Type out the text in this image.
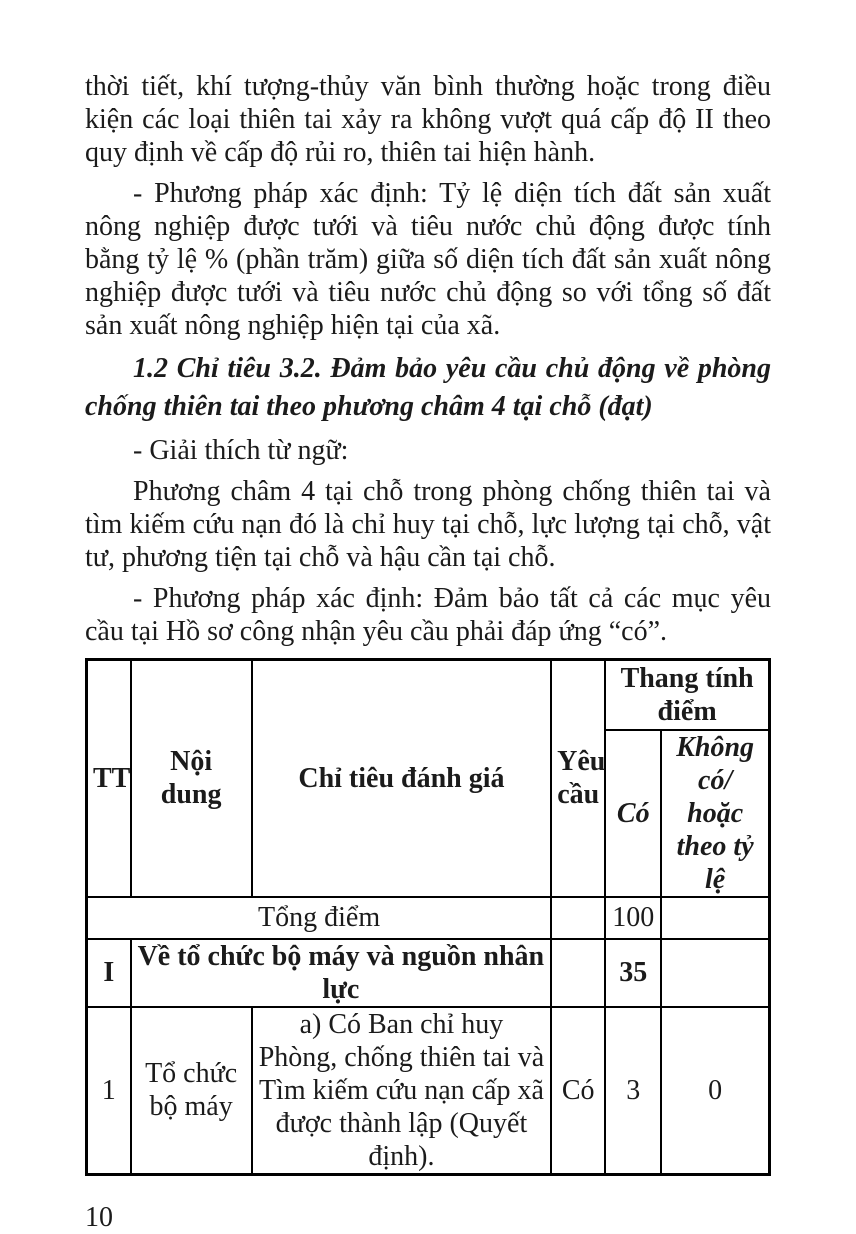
thời tiết, khí tượng-thủy văn bình thường hoặc trong điều kiện các loại thiên tai xảy ra không vượt quá cấp độ II theo quy định về cấp độ rủi ro, thiên tai hiện hành.

- Phương pháp xác định: Tỷ lệ diện tích đất sản xuất nông nghiệp được tưới và tiêu nước chủ động được tính bằng tỷ lệ % (phần trăm) giữa số diện tích đất sản xuất nông nghiệp được tưới và tiêu nước chủ động so với tổng số đất sản xuất nông nghiệp hiện tại của xã.

1.2 Chỉ tiêu 3.2. Đảm bảo yêu cầu chủ động về phòng chống thiên tai theo phương châm 4 tại chỗ (đạt)

- Giải thích từ ngữ:

Phương châm 4 tại chỗ trong phòng chống thiên tai và tìm kiếm cứu nạn đó là chỉ huy tại chỗ, lực lượng tại chỗ, vật tư, phương tiện tại chỗ và hậu cần tại chỗ.

- Phương pháp xác định: Đảm bảo tất cả các mục yêu cầu tại Hồ sơ công nhận yêu cầu phải đáp ứng “có”.

TT	Nội dung	Chỉ tiêu đánh giá	Yêu cầu	Thang tính điểm	
				Có	Không có/ hoặc theo tỷ lệ
Tổng điểm				100	
I	Về tổ chức bộ máy và nguồn nhân lực			35	
1	Tổ chức bộ máy	a) Có Ban chỉ huy Phòng, chống thiên tai và Tìm kiếm cứu nạn cấp xã được thành lập (Quyết định).	Có	3	0
10
